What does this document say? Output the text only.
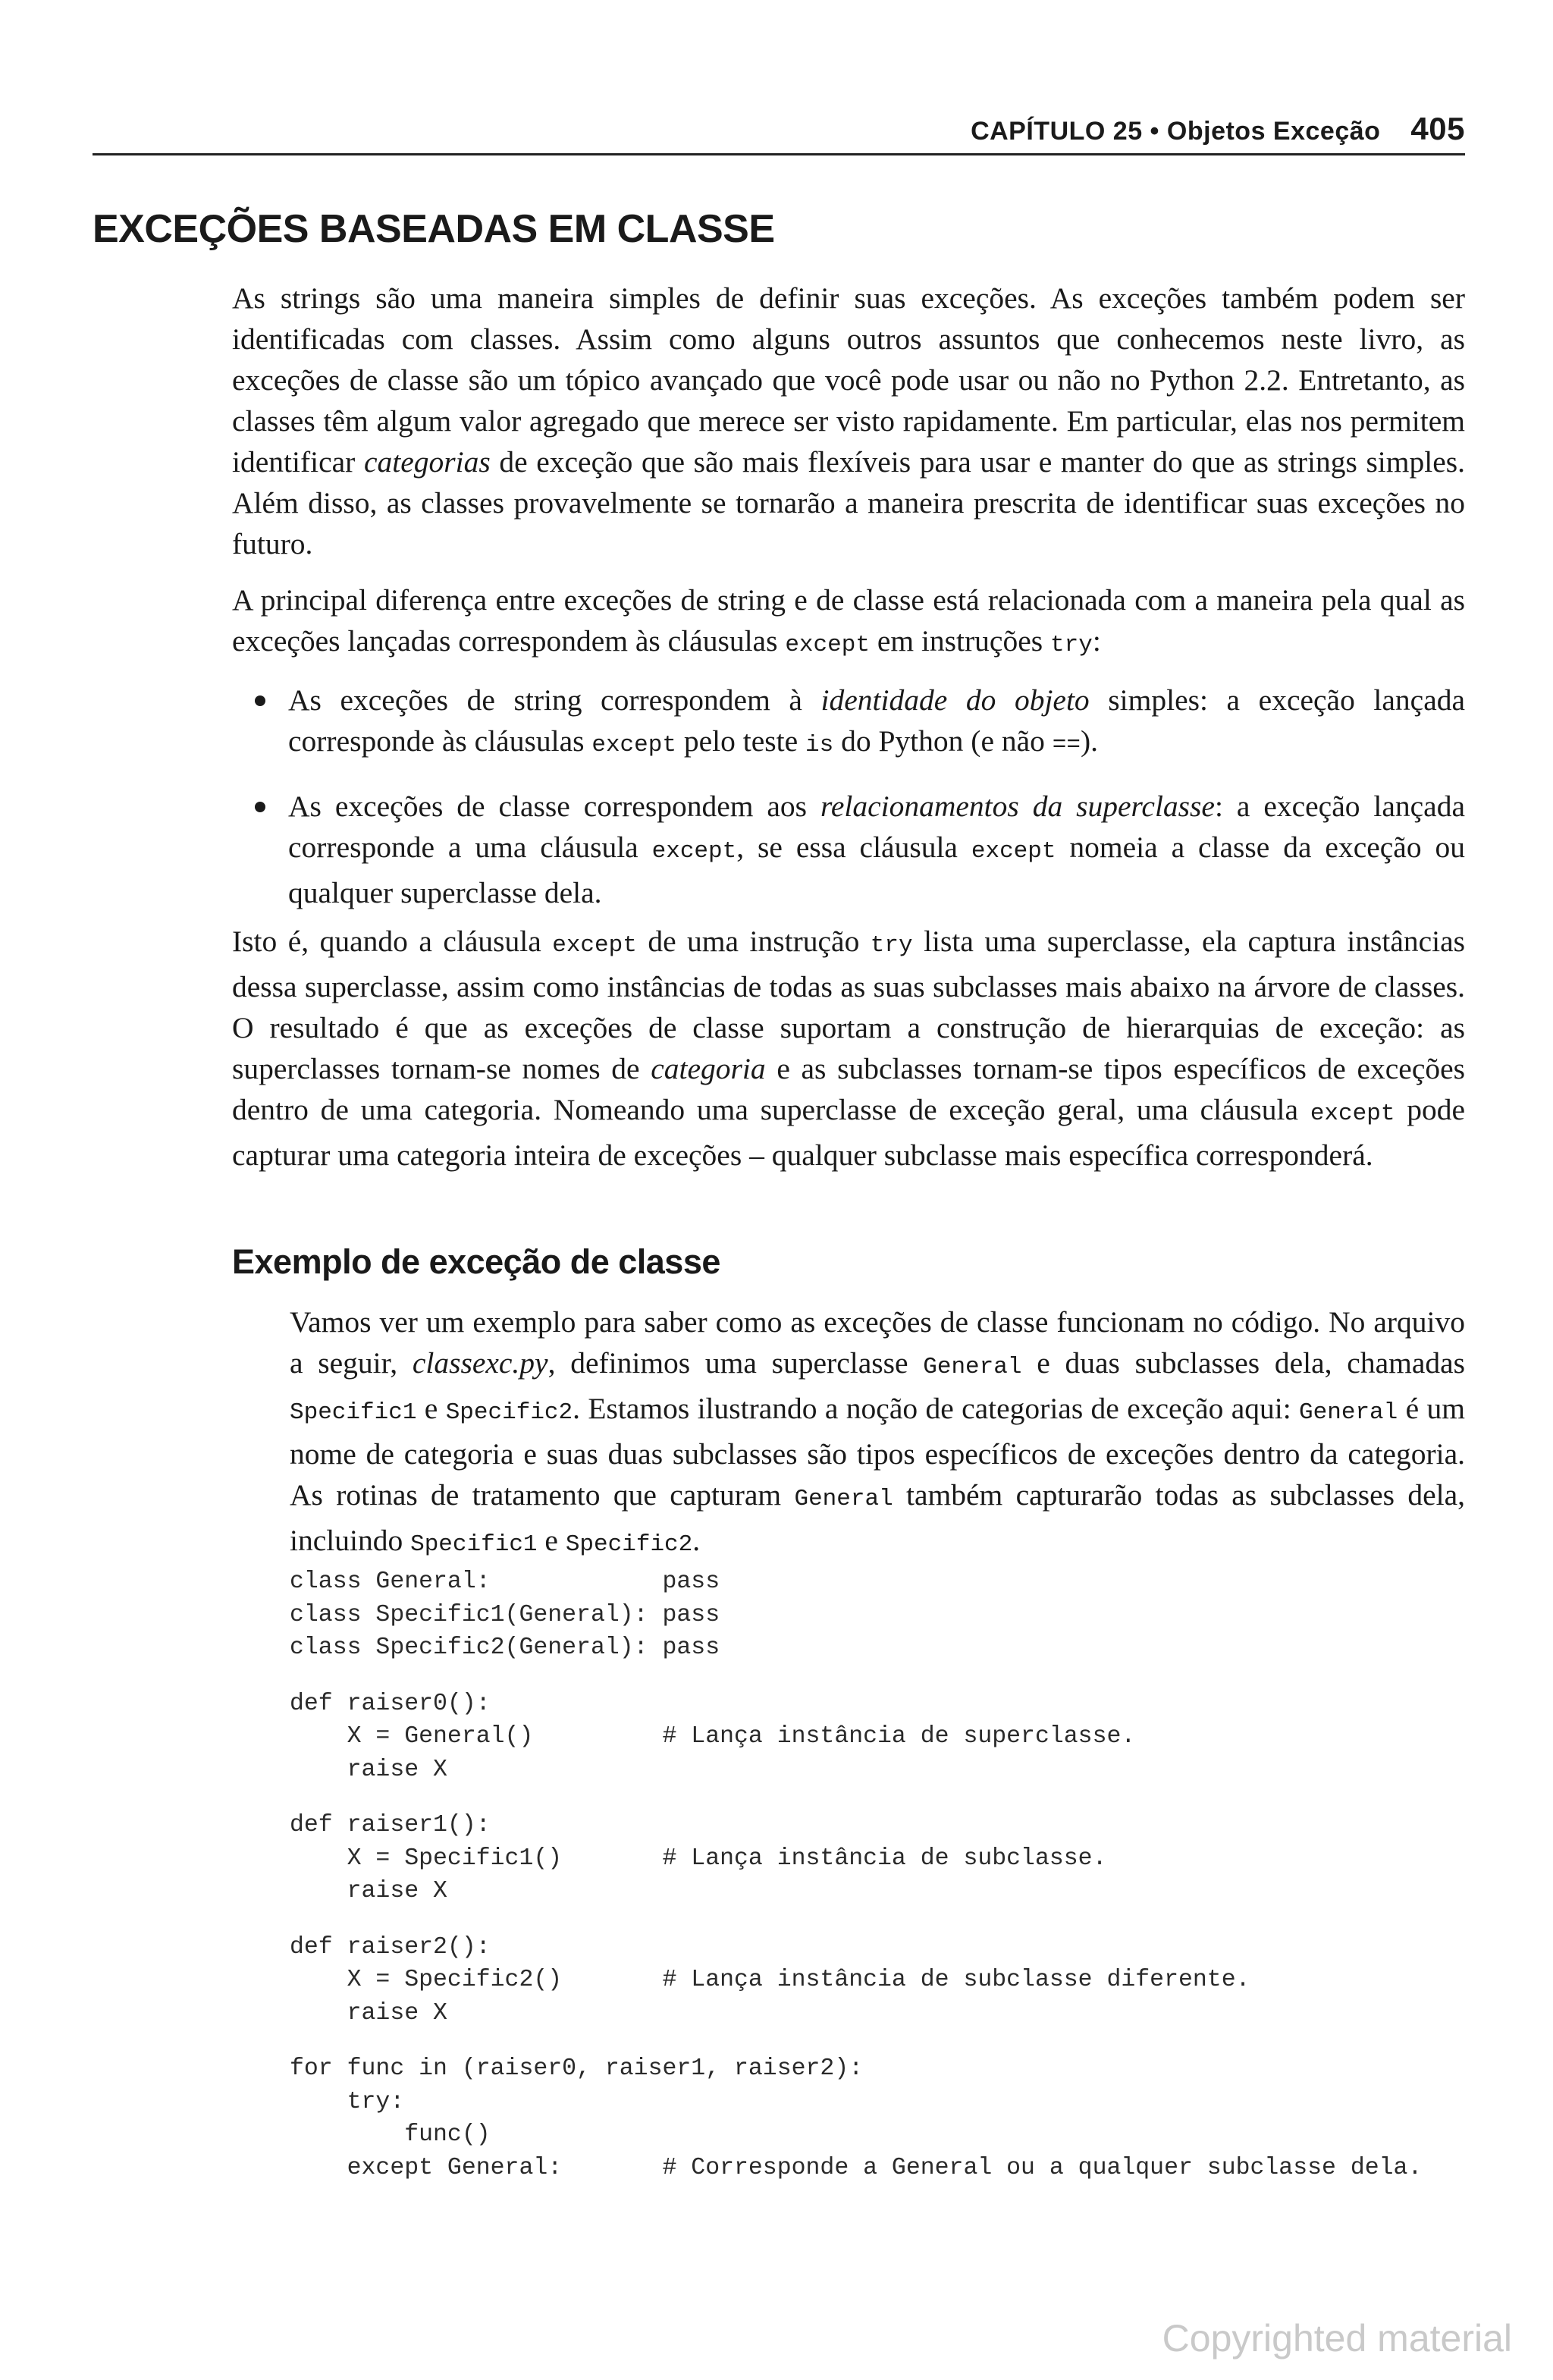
CAPÍTULO 25 • Objetos Exceção 405
EXCEÇÕES BASEADAS EM CLASSE

As strings são uma maneira simples de definir suas exceções. As exceções também podem ser identificadas com classes. Assim como alguns outros assuntos que conhecemos neste livro, as exceções de classe são um tópico avançado que você pode usar ou não no Python 2.2. Entretanto, as classes têm algum valor agregado que merece ser visto rapidamente. Em particular, elas nos permitem identificar categorias de exceção que são mais flexíveis para usar e manter do que as strings simples. Além disso, as classes provavelmente se tornarão a maneira prescrita de identificar suas exceções no futuro.

A principal diferença entre exceções de string e de classe está relacionada com a maneira pela qual as exceções lançadas correspondem às cláusulas except em instruções try:

As exceções de string correspondem à identidade do objeto simples: a exceção lançada corresponde às cláusulas except pelo teste is do Python (e não ==).
As exceções de classe correspondem aos relacionamentos da superclasse: a exceção lançada corresponde a uma cláusula except, se essa cláusula except nomeia a classe da exceção ou qualquer superclasse dela.

Isto é, quando a cláusula except de uma instrução try lista uma superclasse, ela captura instâncias dessa superclasse, assim como instâncias de todas as suas subclasses mais abaixo na árvore de classes. O resultado é que as exceções de classe suportam a construção de hierarquias de exceção: as superclasses tornam-se nomes de categoria e as subclasses tornam-se tipos específicos de exceções dentro de uma categoria. Nomeando uma superclasse de exceção geral, uma cláusula except pode capturar uma categoria inteira de exceções – qualquer subclasse mais específica corresponderá.

Exemplo de exceção de classe

Vamos ver um exemplo para saber como as exceções de classe funcionam no código. No arquivo a seguir, classexc.py, definimos uma superclasse General e duas subclasses dela, chamadas Specific1 e Specific2. Estamos ilustrando a noção de categorias de exceção aqui: General é um nome de categoria e suas duas subclasses são tipos específicos de exceções dentro da categoria. As rotinas de tratamento que capturam General também capturarão todas as subclasses dela, incluindo Specific1 e Specific2.

class General:            pass
class Specific1(General): pass
class Specific2(General): pass
def raiser0():
X = General()         # Lança instância de superclasse.
raise X
def raiser1():
X = Specific1()       # Lança instância de subclasse.
raise X
def raiser2():
X = Specific2()       # Lança instância de subclasse diferente.
raise X
for func in (raiser0, raiser1, raiser2):
try:
func()
except General:       # Corresponde a General ou a qualquer subclasse dela.
Copyrighted material
